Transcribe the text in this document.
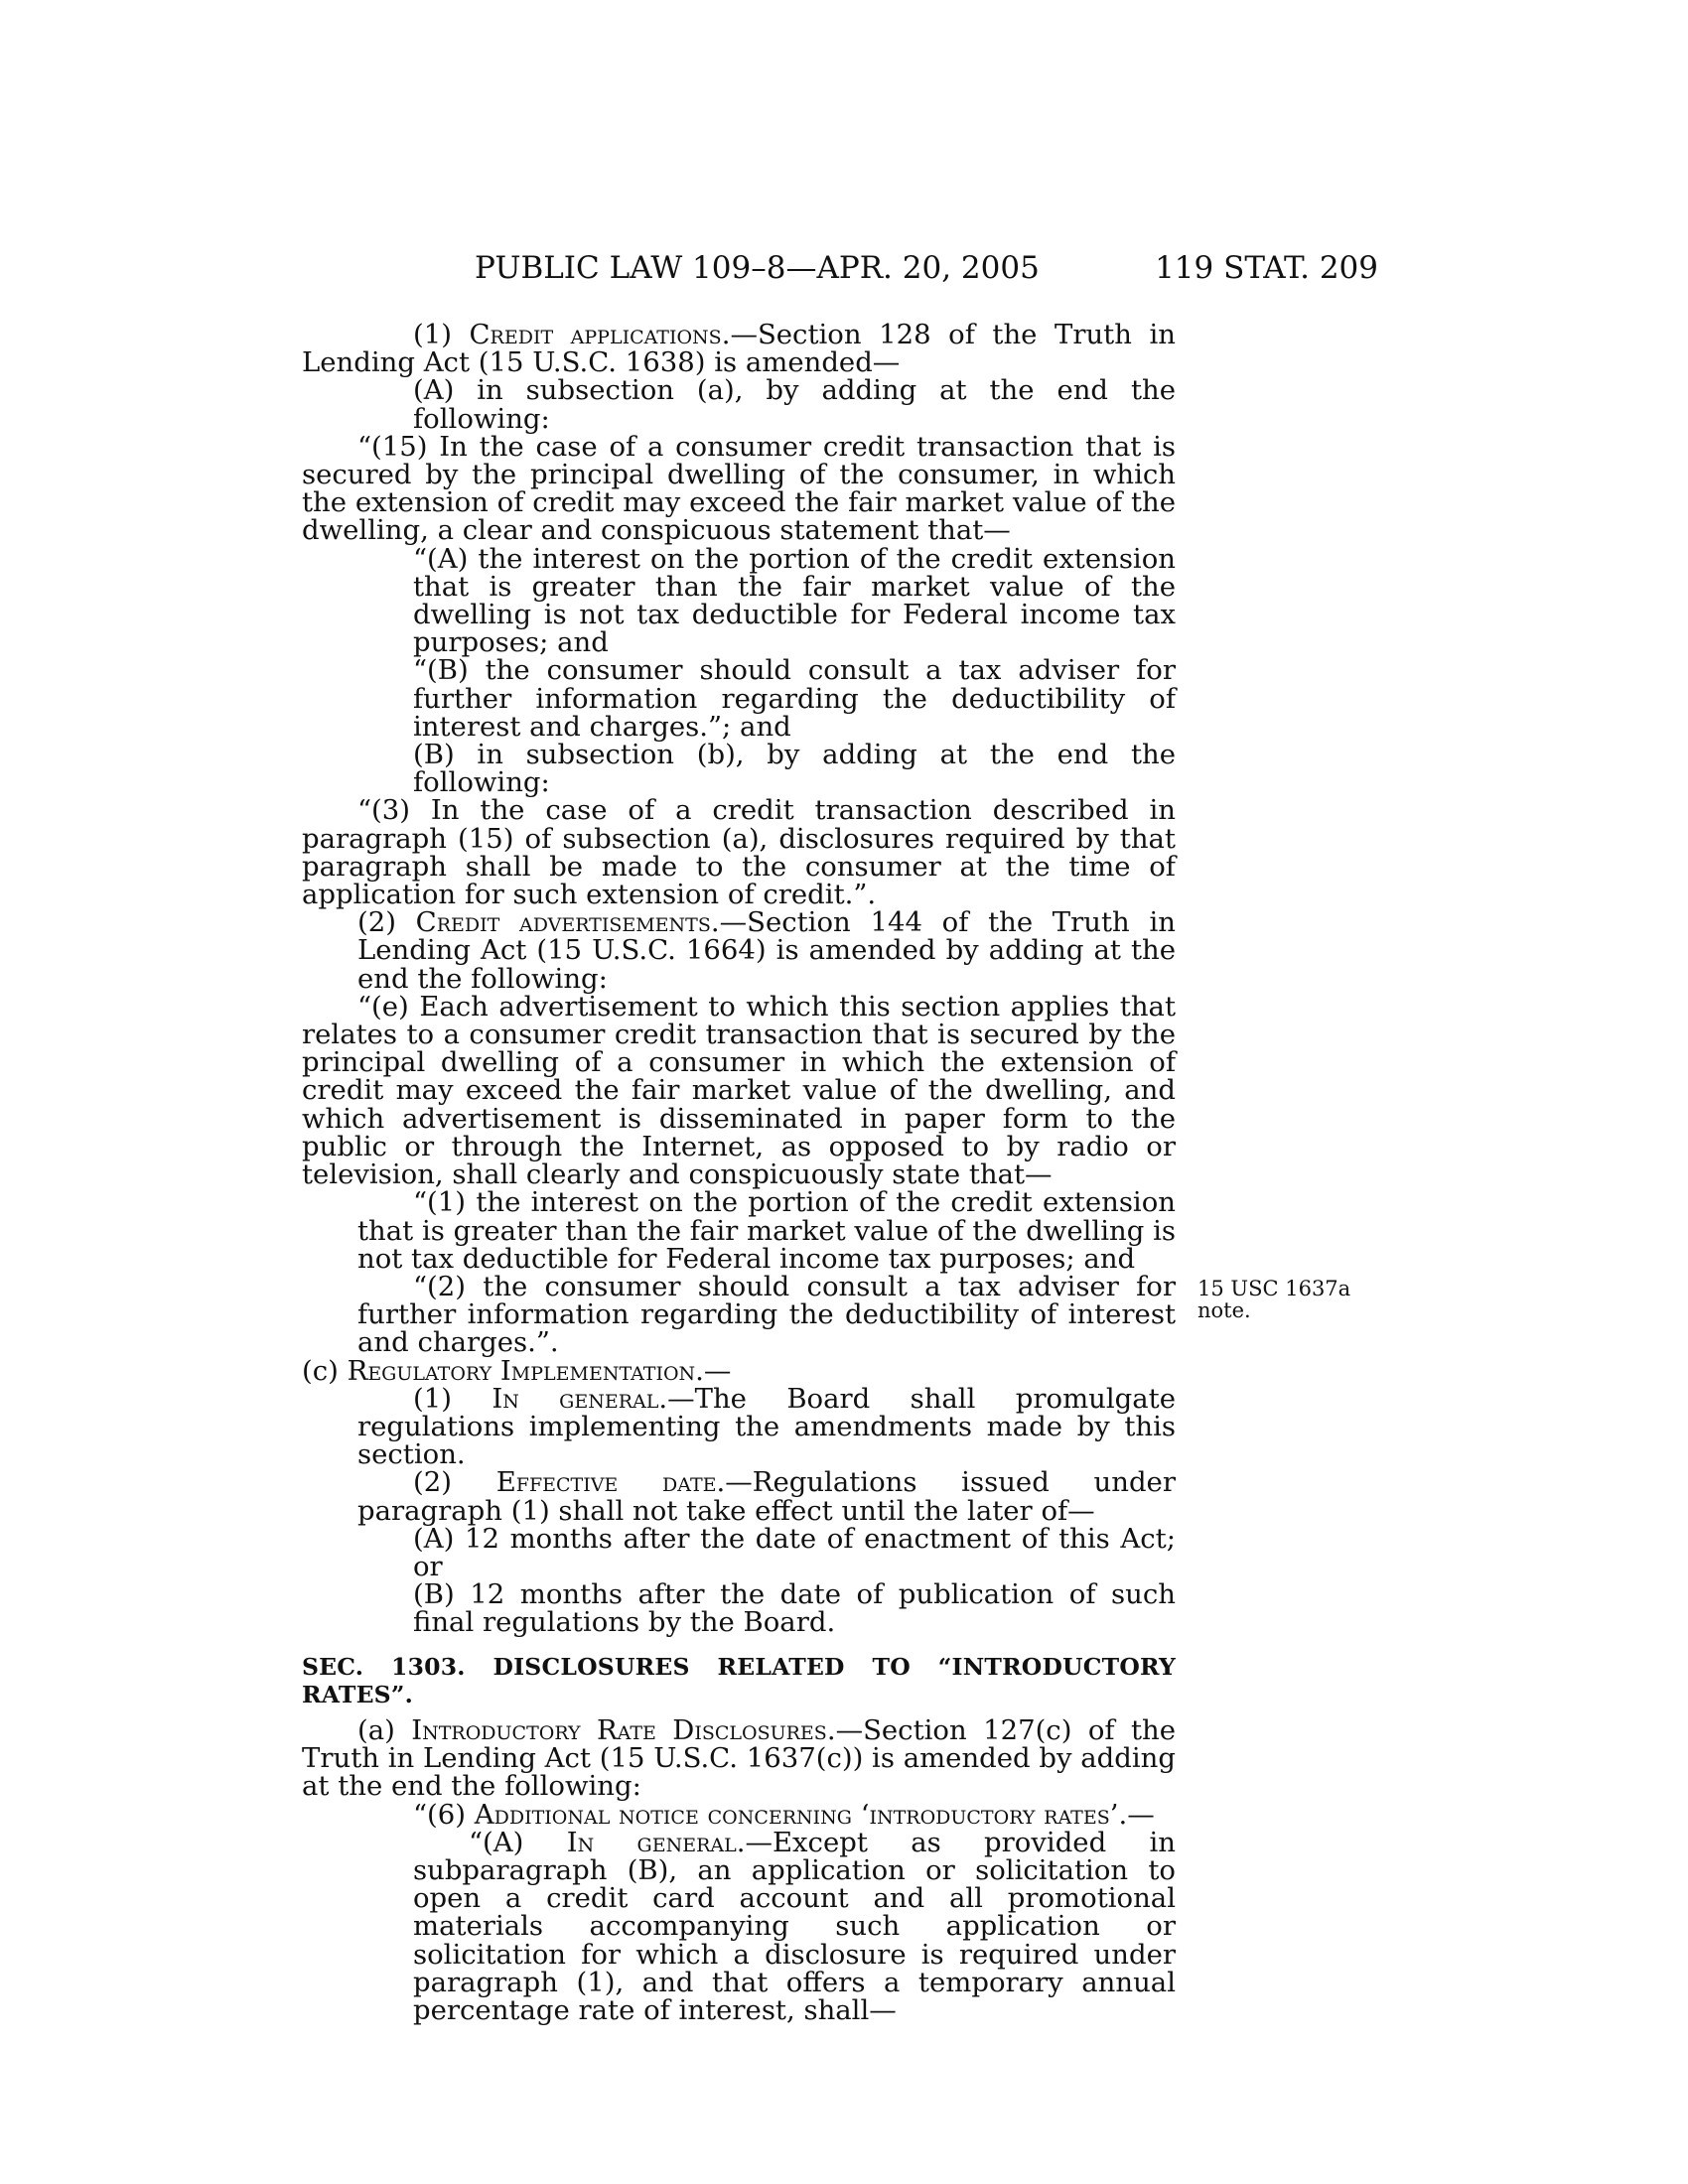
PUBLIC LAW 109–8—APR. 20, 2005	119 STAT. 209
15 USC 1637a
note.

(1) Credit applications.—Section 128 of the Truth in Lending Act (15 U.S.C. 1638) is amended—

(A) in subsection (a), by adding at the end the following:

“(15) In the case of a consumer credit transaction that is secured by the principal dwelling of the consumer, in which the extension of credit may exceed the fair market value of the dwelling, a clear and conspicuous statement that—

“(A) the interest on the portion of the credit extension that is greater than the fair market value of the dwelling is not tax deductible for Federal income tax purposes; and

“(B) the consumer should consult a tax adviser for further information regarding the deductibility of interest and charges.”; and

(B) in subsection (b), by adding at the end the following:

“(3) In the case of a credit transaction described in paragraph (15) of subsection (a), disclosures required by that paragraph shall be made to the consumer at the time of application for such extension of credit.”.

(2) Credit advertisements.—Section 144 of the Truth in Lending Act (15 U.S.C. 1664) is amended by adding at the end the following:

“(e) Each advertisement to which this section applies that relates to a consumer credit transaction that is secured by the principal dwelling of a consumer in which the extension of credit may exceed the fair market value of the dwelling, and which advertisement is disseminated in paper form to the public or through the Internet, as opposed to by radio or television, shall clearly and conspicuously state that—

“(1) the interest on the portion of the credit extension that is greater than the fair market value of the dwelling is not tax deductible for Federal income tax purposes; and

“(2) the consumer should consult a tax adviser for further information regarding the deductibility of interest and charges.”.

(c) Regulatory Implementation.—

(1) In general.—The Board shall promulgate regulations implementing the amendments made by this section.

(2) Effective date.—Regulations issued under paragraph (1) shall not take effect until the later of—

(A) 12 months after the date of enactment of this Act; or

(B) 12 months after the date of publication of such final regulations by the Board.

SEC. 1303. DISCLOSURES RELATED TO “INTRODUCTORY RATES”.

(a) Introductory Rate Disclosures.—Section 127(c) of the Truth in Lending Act (15 U.S.C. 1637(c)) is amended by adding at the end the following:

“(6) Additional notice concerning ‘introductory rates’.—

“(A) In general.—Except as provided in subparagraph (B), an application or solicitation to open a credit card account and all promotional materials accompanying such application or solicitation for which a disclosure is required under paragraph (1), and that offers a temporary annual percentage rate of interest, shall—
